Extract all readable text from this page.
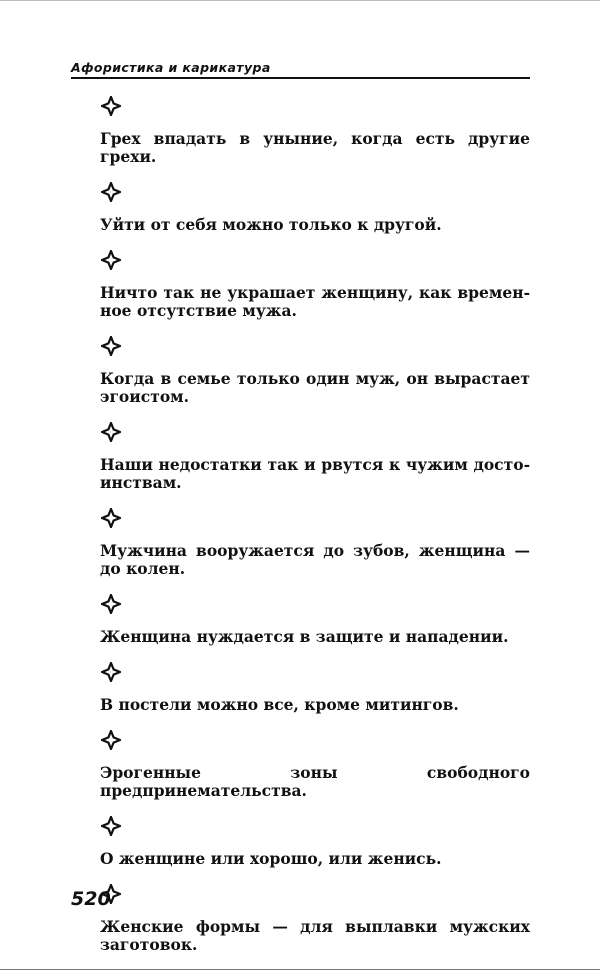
Афористика и карикатура

Грех впадать в уныние, когда есть другие грехи.

Уйти от себя можно только к другой.

Ничто так не украшает женщину, как временное отсутствие мужа.

Когда в семье только один муж, он вырастает эгоистом.

Наши недостатки так и рвутся к чужим достоинствам.

Мужчина вооружается до зубов, женщина — до колен.

Женщина нуждается в защите и нападении.

В постели можно все, кроме митингов.

Эрогенные зоны свободного предпринемательства.

О женщине или хорошо, или женись.

Женские формы — для выплавки мужских заготовок.

520
